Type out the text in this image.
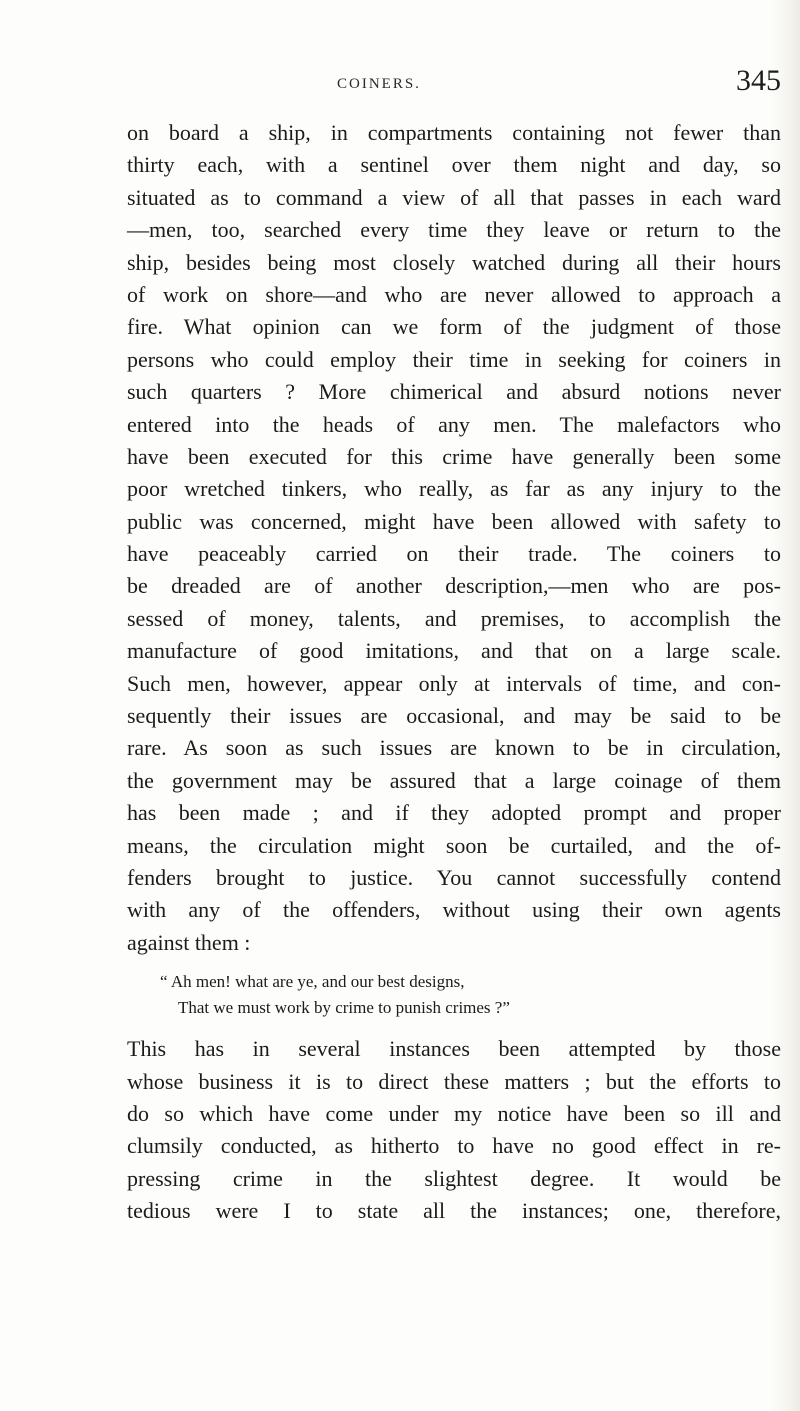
COINERS.	345
on board a ship, in compartments containing not fewer than
thirty each, with a sentinel over them night and day, so
situated as to command a view of all that passes in each ward
—men, too, searched every time they leave or return to the
ship, besides being most closely watched during all their hours
of work on shore—and who are never allowed to approach a
fire. What opinion can we form of the judgment of those
persons who could employ their time in seeking for coiners in
such quarters ? More chimerical and absurd notions never
entered into the heads of any men. The malefactors who
have been executed for this crime have generally been some
poor wretched tinkers, who really, as far as any injury to the
public was concerned, might have been allowed with safety to
have peaceably carried on their trade. The coiners to
be dreaded are of another description,—men who are pos-
sessed of money, talents, and premises, to accomplish the
manufacture of good imitations, and that on a large scale.
Such men, however, appear only at intervals of time, and con-
sequently their issues are occasional, and may be said to be
rare. As soon as such issues are known to be in circulation,
the government may be assured that a large coinage of them
has been made ; and if they adopted prompt and proper
means, the circulation might soon be curtailed, and the of-
fenders brought to justice. You cannot successfully contend
with any of the offenders, without using their own agents
against them :
“ Ah men! what are ye, and our best designs,
That we must work by crime to punish crimes ?”
This has in several instances been attempted by those
whose business it is to direct these matters ; but the efforts to
do so which have come under my notice have been so ill and
clumsily conducted, as hitherto to have no good effect in re-
pressing crime in the slightest degree. It would be
tedious were I to state all the instances; one, therefore,
